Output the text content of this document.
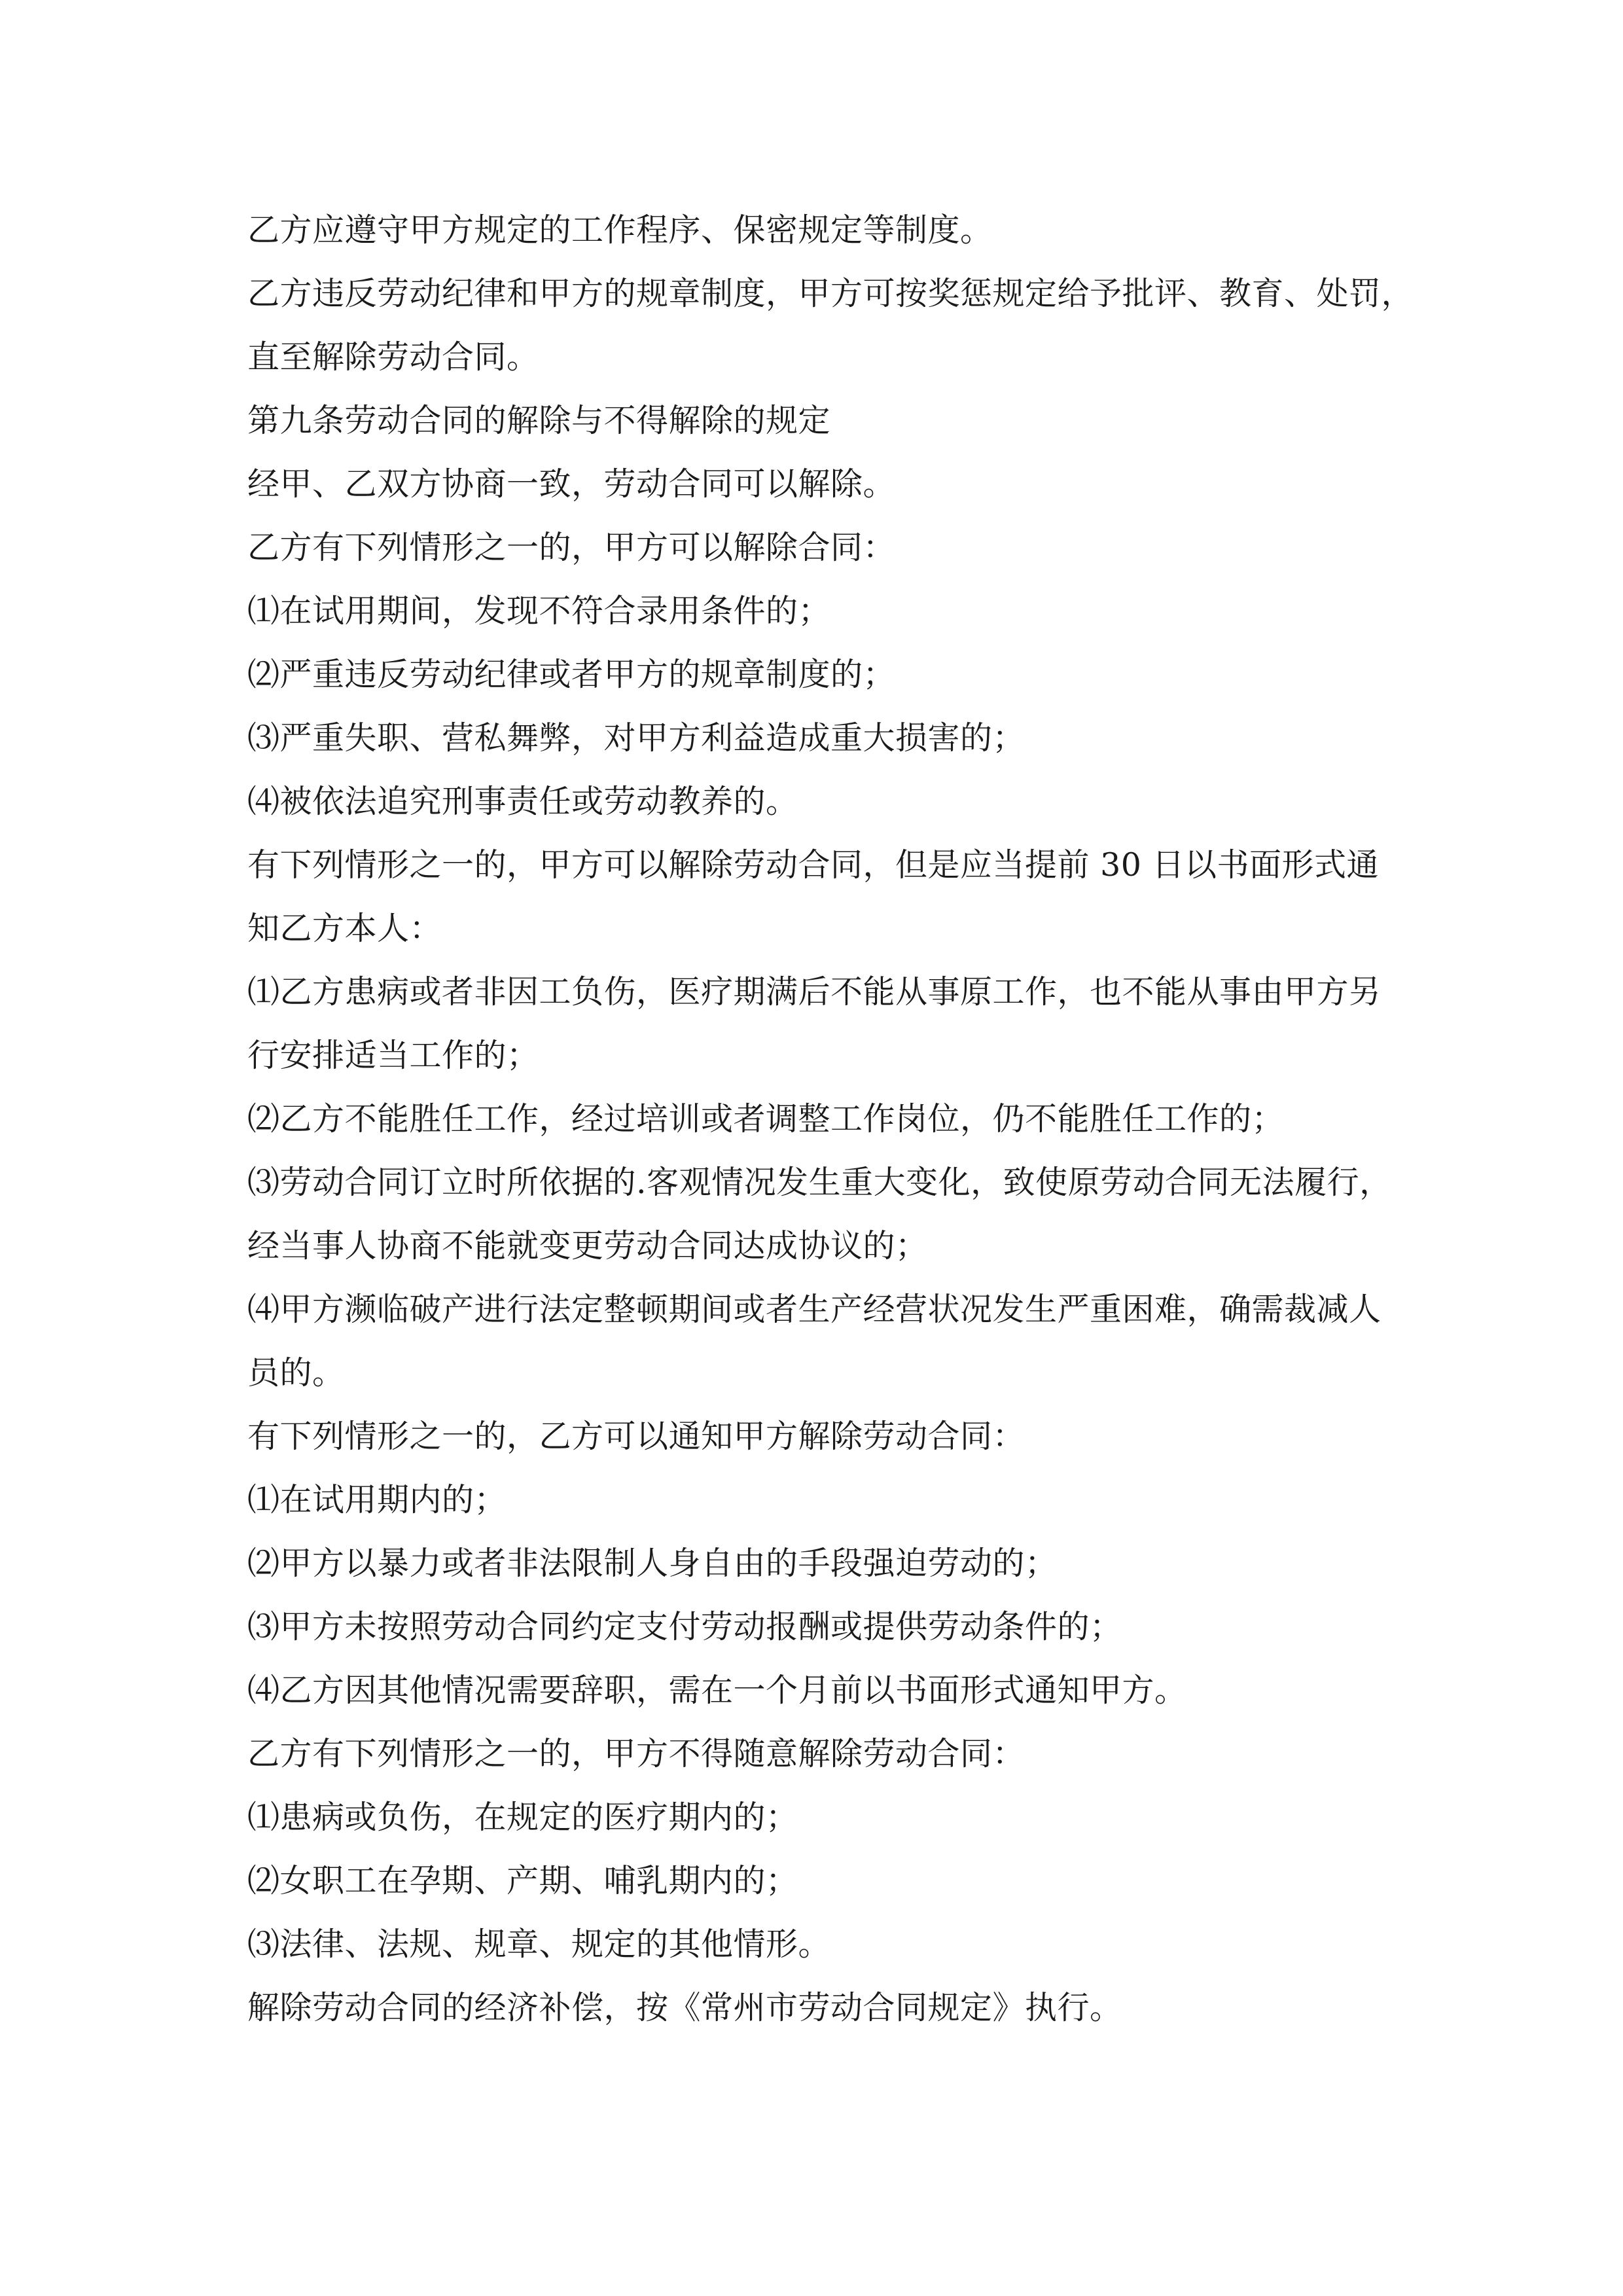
乙方应遵守甲方规定的工作程序、保密规定等制度。
乙方违反劳动纪律和甲方的规章制度，甲方可按奖惩规定给予批评、教育、处罚，
直至解除劳动合同。
第九条劳动合同的解除与不得解除的规定
经甲、乙双方协商一致，劳动合同可以解除。
乙方有下列情形之一的，甲方可以解除合同：
⑴在试用期间，发现不符合录用条件的；
⑵严重违反劳动纪律或者甲方的规章制度的；
⑶严重失职、营私舞弊，对甲方利益造成重大损害的；
⑷被依法追究刑事责任或劳动教养的。
有下列情形之一的，甲方可以解除劳动合同，但是应当提前 30 日以书面形式通
知乙方本人：
⑴乙方患病或者非因工负伤，医疗期满后不能从事原工作，也不能从事由甲方另
行安排适当工作的；
⑵乙方不能胜任工作，经过培训或者调整工作岗位，仍不能胜任工作的；
⑶劳动合同订立时所依据的.客观情况发生重大变化，致使原劳动合同无法履行，
经当事人协商不能就变更劳动合同达成协议的；
⑷甲方濒临破产进行法定整顿期间或者生产经营状况发生严重困难，确需裁减人
员的。
有下列情形之一的，乙方可以通知甲方解除劳动合同：
⑴在试用期内的；
⑵甲方以暴力或者非法限制人身自由的手段强迫劳动的；
⑶甲方未按照劳动合同约定支付劳动报酬或提供劳动条件的；
⑷乙方因其他情况需要辞职，需在一个月前以书面形式通知甲方。
乙方有下列情形之一的，甲方不得随意解除劳动合同：
⑴患病或负伤，在规定的医疗期内的；
⑵女职工在孕期、产期、哺乳期内的；
⑶法律、法规、规章、规定的其他情形。
解除劳动合同的经济补偿，按《常州市劳动合同规定》执行。
